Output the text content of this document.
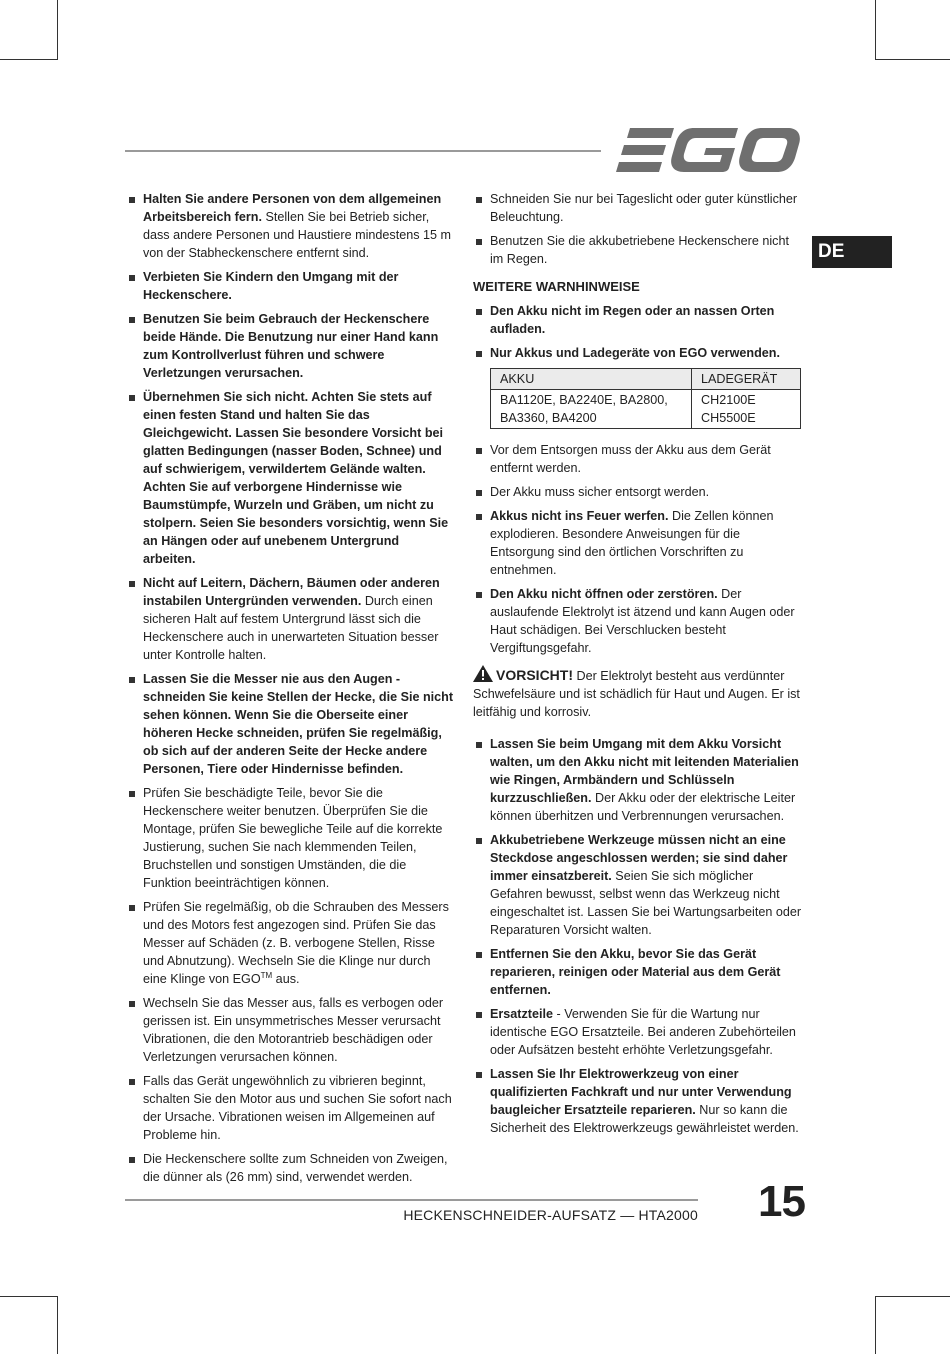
DE
Halten Sie andere Personen von dem allgemeinen Arbeitsbereich fern. Stellen Sie bei Betrieb sicher, dass andere Personen und Haustiere mindestens 15 m von der Stabheckenschere entfernt sind.
Verbieten Sie Kindern den Umgang mit der Heckenschere.
Benutzen Sie beim Gebrauch der Heckenschere beide Hände. Die Benutzung nur einer Hand kann zum Kontrollverlust führen und schwere Verletzungen verursachen.
Übernehmen Sie sich nicht. Achten Sie stets auf einen festen Stand und halten Sie das Gleichgewicht. Lassen Sie besondere Vorsicht bei glatten Bedingungen (nasser Boden, Schnee) und auf schwierigem, verwildertem Gelände walten. Achten Sie auf verborgene Hindernisse wie Baumstümpfe, Wurzeln und Gräben, um nicht zu stolpern. Seien Sie besonders vorsichtig, wenn Sie an Hängen oder auf unebenem Untergrund arbeiten.
Nicht auf Leitern, Dächern, Bäumen oder anderen instabilen Untergründen verwenden. Durch einen sicheren Halt auf festem Untergrund lässt sich die Heckenschere auch in unerwarteten Situation besser unter Kontrolle halten.
Lassen Sie die Messer nie aus den Augen - schneiden Sie keine Stellen der Hecke, die Sie nicht sehen können. Wenn Sie die Oberseite einer höheren Hecke schneiden, prüfen Sie regelmäßig, ob sich auf der anderen Seite der Hecke andere Personen, Tiere oder Hindernisse befinden.
Prüfen Sie beschädigte Teile, bevor Sie die Heckenschere weiter benutzen. Überprüfen Sie die Montage, prüfen Sie bewegliche Teile auf die korrekte Justierung, suchen Sie nach klemmenden Teilen, Bruchstellen und sonstigen Umständen, die die Funktion beeinträchtigen können.
Prüfen Sie regelmäßig, ob die Schrauben des Messers und des Motors fest angezogen sind. Prüfen Sie das Messer auf Schäden (z. B. verbogene Stellen, Risse und Abnutzung). Wechseln Sie die Klinge nur durch eine Klinge von EGO™ aus.
Wechseln Sie das Messer aus, falls es verbogen oder gerissen ist. Ein unsymmetrisches Messer verursacht Vibrationen, die den Motorantrieb beschädigen oder Verletzungen verursachen können.
Falls das Gerät ungewöhnlich zu vibrieren beginnt, schalten Sie den Motor aus und suchen Sie sofort nach der Ursache. Vibrationen weisen im Allgemeinen auf Probleme hin.
Die Heckenschere sollte zum Schneiden von Zweigen, die dünner als (26 mm) sind, verwendet werden.
Schneiden Sie nur bei Tageslicht oder guter künstlicher Beleuchtung.
Benutzen Sie die akkubetriebene Heckenschere nicht im Regen.
WEITERE WARNHINWEISE
Den Akku nicht im Regen oder an nassen Orten aufladen.
Nur Akkus und Ladegeräte von EGO verwenden.
AKKU	LADEGERÄT
BA1120E, BA2240E, BA2800, BA3360, BA4200	CH2100E CH5500E
Vor dem Entsorgen muss der Akku aus dem Gerät entfernt werden.
Der Akku muss sicher entsorgt werden.
Akkus nicht ins Feuer werfen. Die Zellen können explodieren. Besondere Anweisungen für die Entsorgung sind den örtlichen Vorschriften zu entnehmen.
Den Akku nicht öffnen oder zerstören. Der auslaufende Elektrolyt ist ätzend und kann Augen oder Haut schädigen. Bei Verschlucken besteht Vergiftungsgefahr.
VORSICHT! Der Elektrolyt besteht aus verdünnter Schwefelsäure und ist schädlich für Haut und Augen. Er ist leitfähig und korrosiv.
Lassen Sie beim Umgang mit dem Akku Vorsicht walten, um den Akku nicht mit leitenden Materialien wie Ringen, Armbändern und Schlüsseln kurzzuschließen. Der Akku oder der elektrische Leiter können überhitzen und Verbrennungen verursachen.
Akkubetriebene Werkzeuge müssen nicht an eine Steckdose angeschlossen werden; sie sind daher immer einsatzbereit. Seien Sie sich möglicher Gefahren bewusst, selbst wenn das Werkzeug nicht eingeschaltet ist. Lassen Sie bei Wartungsarbeiten oder Reparaturen Vorsicht walten.
Entfernen Sie den Akku, bevor Sie das Gerät reparieren, reinigen oder Material aus dem Gerät entfernen.
Ersatzteile - Verwenden Sie für die Wartung nur identische EGO Ersatzteile. Bei anderen Zubehörteilen oder Aufsätzen besteht erhöhte Verletzungsgefahr.
Lassen Sie Ihr Elektrowerkzeug von einer qualifizierten Fachkraft und nur unter Verwendung baugleicher Ersatzteile reparieren. Nur so kann die Sicherheit des Elektrowerkzeugs gewährleistet werden.
HECKENSCHNEIDER-AUFSATZ — HTA2000 15
